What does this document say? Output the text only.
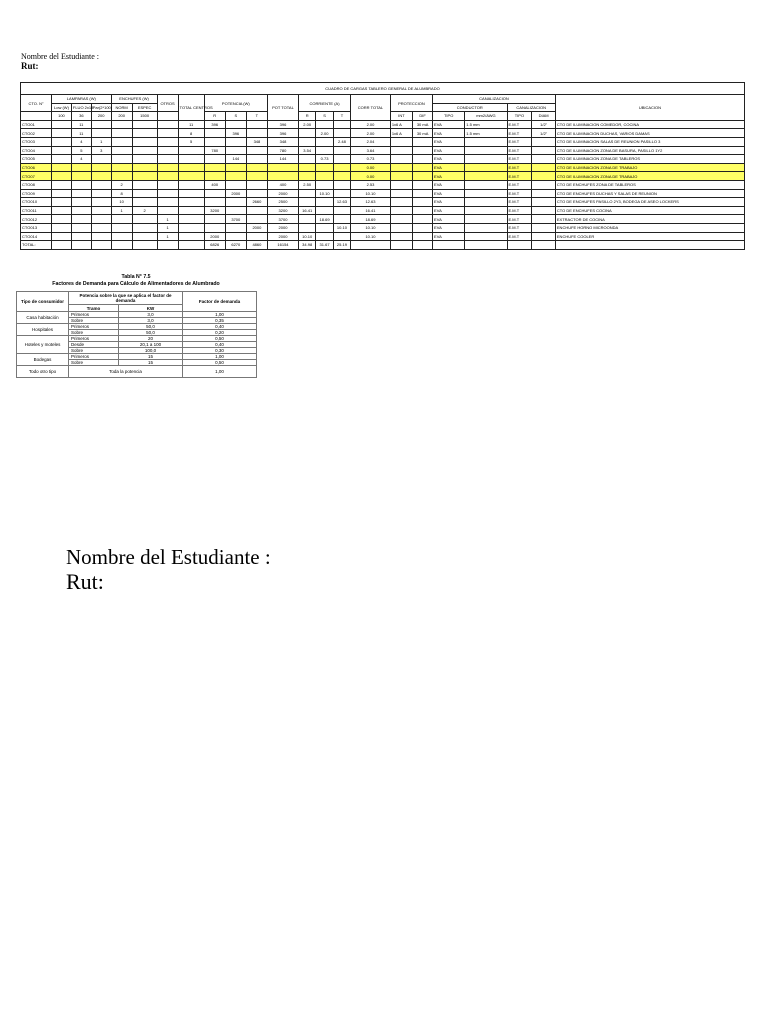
Nombre del Estudiante :
Rut:
CUADRO DE CARGAS TABLERO GENERAL DE ALUMBRADO																						
CTO. N°	LAMPARAS (W)			ENCHUFES (W)		OTROS	TOTAL CENTROS	POTENCIA (W)			POT TOTAL	CORRIENTE (A)			CORR TOTAL	PROTECCION		CANALIZACION				UBICACION
	Low (W)	FLUO 2x18	Par(2*100)	NORM	ESPEC													CONDUCTOR		CANALIZACION		
	100	36	200	200	1500			R	S	T		R	S	T		INT	DIF	TIPO	mm2/AWG	TIPO	DIAM	
CTO01		11					11	396			396	2.00			2.00	1x6 A	30 mA	EVA	1.5 mm	E.M.T	1/2"	CTO DE ILUMINACION COMEDOR, COCINA
CTO02		11					8		396		396		2.00		2.00	1x6 A	30 mA	EVA	1.5 mm	E.M.T	1/2"	CTO DE ILUMINACION DUCHAS, VARIOS DAMAS
CTO03		4	1				5			348	348			2.48	2.04			EVA		E.M.T		CTO DE ILUMINACION SALAS DE REUNION PASILLO 3
CTO04		5	3					780			780	3.54			3.64			EVA		E.M.T		CTO DE ILUMINACION ZONA DE BASURA, PASILLO 1Y2
CTO05		4							144		144		0.73		0.73			EVA		E.M.T		CTO DE ILUMINACION ZONA DE TABLEROS
CTO06															0.00			EVA		E.M.T		CTO DE ILUMINACION ZONA DE TRABAJO
CTO07															0.00			EVA		E.M.T		CTO DE ILUMINACION ZONA DE TRABAJO
CTO08				2				400			400	2.50			2.53			EVA		E.M.T		CTO DE ENCHUFES ZONA DE TABLEROS
CTO09				8					2000		2000		10.10		10.10			EVA		E.M.T		CTO DE ENCHUFES DUCHAS Y SALAS DE REUNION
CTO010				10						2660	2500			12.63	12.63			EVA		E.M.T		CTO DE ENCHUFES PASILLO 2Y3, BODEGA DE ASEO LOCKERS
CTO011				1	2			3200			3200	16.41			16.41			EVA		E.M.T		CTO DE ENCHUFES COCINA
CTO012						1			3700		3700		18.69		18.69			EVA		E.M.T		EXTRACTOR DE COCINA
CTO013						1				2000	2000			10.10	10.10			EVA		E.M.T		ENCHUFE HORNO MICROONDA
CTO014						1		2000			2000	10.10			10.10			EVA		E.M.T		ENCHUFE COOLER
TOTAL:								6826	6270	4860	16154	34.98	31.67	25.19								
Tabla N° 7.5
Factores de Demanda para Cálculo de Alimentadores de Alumbrado
Tipo de consumidor	Potencia sobre la que se aplica el factor de demanda		Factor de demanda
	Tramo	KW	
Casa habitación	Primeros	3,0	1,00
	Sobre	3,0	0,35
Hospitales	Primeros	50,0	0,40
	Sobre	50,0	0,20
Hoteles y moteles	Primeros	20	0,50
	Desde	20,1 a 100	0,40
	Sobre	100,0	0,30
Bodegas	Primeros	15	1,00
	Sobre	15	0,50
Todo otro tipo	Toda la potencia		1,00
Nombre del Estudiante :
Rut:
